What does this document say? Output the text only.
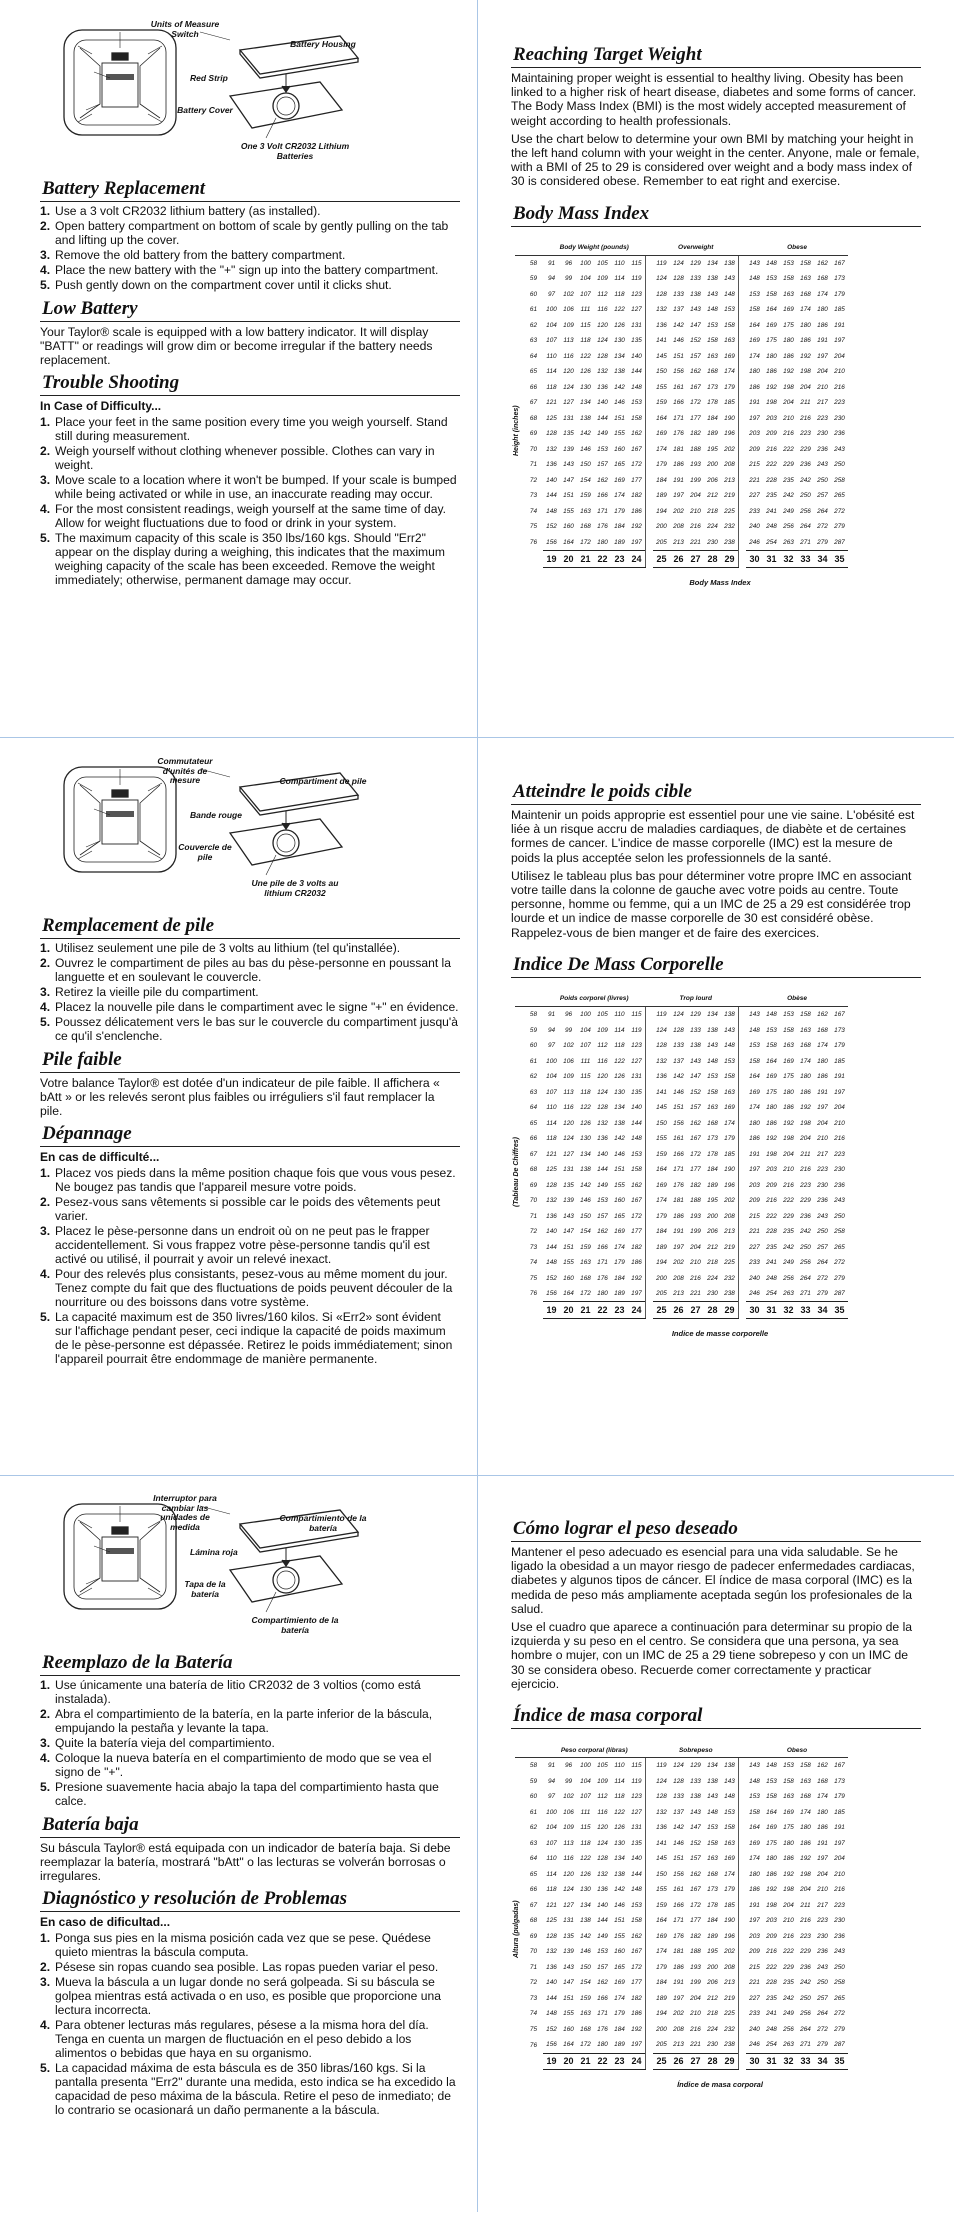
Units of Measure Switch
Battery Housing
Red Strip
Battery Cover
One 3 Volt CR2032 Lithium Batteries
Battery Replacement
1. Use a 3 volt CR2032 lithium battery (as installed).
2. Open battery compartment on bottom of scale by gently pulling on the tab and lifting up the cover.
3. Remove the old battery from the battery compartment.
4. Place the new battery with the "+" sign up into the battery compartment.
5. Push gently down on the compartment cover until it clicks shut.
Low Battery

Your Taylor® scale is equipped with a low battery indicator. It will display "BATT" or readings will grow dim or become irregular if the battery needs replacement.

Trouble Shooting
In Case of Difficulty...
1. Place your feet in the same position every time you weigh yourself. Stand still during measurement.
2. Weigh yourself without clothing whenever possible. Clothes can vary in weight.
3. Move scale to a location where it won't be bumped. If your scale is bumped while being activated or while in use, an inaccurate reading may occur.
4. For the most consistent readings, weigh yourself at the same time of day. Allow for weight fluctuations due to food or drink in your system.
5. The maximum capacity of this scale is 350 lbs/160 kgs. Should "Err2" appear on the display during a weighing, this indicates that the maximum weighing capacity of the scale has been exceeded. Remove the weight immediately; otherwise, permanent damage may occur.
Reaching Target Weight

Maintaining proper weight is essential to healthy living. Obesity has been linked to a higher risk of heart disease, diabetes and some forms of cancer. The Body Mass Index (BMI) is the most widely accepted measurement of weight according to health professionals.

Use the chart below to determine your own BMI by matching your height in the left hand column with your weight in the center. Anyone, male or female, with a BMI of 25 to 29 is considered over weight and a body mass index of 30 is considered obese. Remember to eat right and exercise.

Body Mass Index
Height (inches)
	Body Weight (pounds)							Overweight						Obese					
58	91	96	100	105	110	115		119	124	129	134	138		143	148	153	158	162	167
59	94	99	104	109	114	119		124	128	133	138	143		148	153	158	163	168	173
60	97	102	107	112	118	123		128	133	138	143	148		153	158	163	168	174	179
61	100	106	111	116	122	127		132	137	143	148	153		158	164	169	174	180	185
62	104	109	115	120	126	131		136	142	147	153	158		164	169	175	180	186	191
63	107	113	118	124	130	135		141	146	152	158	163		169	175	180	186	191	197
64	110	116	122	128	134	140		145	151	157	163	169		174	180	186	192	197	204
65	114	120	126	132	138	144		150	156	162	168	174		180	186	192	198	204	210
66	118	124	130	136	142	148		155	161	167	173	179		186	192	198	204	210	216
67	121	127	134	140	146	153		159	166	172	178	185		191	198	204	211	217	223
68	125	131	138	144	151	158		164	171	177	184	190		197	203	210	216	223	230
69	128	135	142	149	155	162		169	176	182	189	196		203	209	216	223	230	236
70	132	139	146	153	160	167		174	181	188	195	202		209	216	222	229	236	243
71	136	143	150	157	165	172		179	186	193	200	208		215	222	229	236	243	250
72	140	147	154	162	169	177		184	191	199	206	213		221	228	235	242	250	258
73	144	151	159	166	174	182		189	197	204	212	219		227	235	242	250	257	265
74	148	155	163	171	179	186		194	202	210	218	225		233	241	249	256	264	272
75	152	160	168	176	184	192		200	208	216	224	232		240	248	256	264	272	279
76	156	164	172	180	189	197		205	213	221	230	238		246	254	263	271	279	287
	19	20	21	22	23	24		25	26	27	28	29		30	31	32	33	34	35
Body Mass Index
Commutateur d'unités de mesure	Compartiment de pile
Bande rouge
Couvercle de pile
Une pile de 3 volts au lithium CR2032
Remplacement de pile
1. Utilisez seulement une pile de 3 volts au lithium (tel qu'installée).
2. Ouvrez le compartiment de piles au bas du pèse-personne en poussant la languette et en soulevant le couvercle.
3. Retirez la vieille pile du compartiment.
4. Placez la nouvelle pile dans le compartiment avec le signe "+" en évidence.
5. Poussez délicatement vers le bas sur le couvercle du compartiment jusqu'à ce qu'il s'enclenche.
Pile faible

Votre balance Taylor® est dotée d'un indicateur de pile faible. Il affichera « bAtt » or les relevés seront plus faibles ou irréguliers s'il faut remplacer la pile.

Dépannage
En cas de difficulté...
1. Placez vos pieds dans la même position chaque fois que vous vous pesez. Ne bougez pas tandis que l'appareil mesure votre poids.
2. Pesez-vous sans vêtements si possible car le poids des vêtements peut varier.
3. Placez le pèse-personne dans un endroit où on ne peut pas le frapper accidentellement. Si vous frappez votre pèse-personne tandis qu'il est activé ou utilisé, il pourrait y avoir un relevé inexact.
4. Pour des relevés plus consistants, pesez-vous au même moment du jour. Tenez compte du fait que des fluctuations de poids peuvent découler de la nourriture ou des boissons dans votre système.
5. La capacité maximum est de 350 livres/160 kilos. Si «Err2» sont évident sur l'affichage pendant peser, ceci indique la capacité de poids maximum de le pèse-personne est dépassée. Retirez le poids immédiatement; sinon l'appareil pourrait être endommage de manière permanente.
Atteindre le poids cible

Maintenir un poids approprie est essentiel pour une vie saine. L'obésité est liée à un risque accru de maladies cardiaques, de diabète et de certaines formes de cancer. L'indice de masse corporelle (IMC) est la mesure de poids la plus acceptée selon les professionnels de la santé.

Utilisez le tableau plus bas pour déterminer votre propre IMC en associant votre taille dans la colonne de gauche avec votre poids au centre. Toute personne, homme ou femme, qui a un IMC de 25 a 29 est considérée trop lourde et un indice de masse corporelle de 30 est considéré obèse. Rappelez-vous de bien manger et de faire des exercices.

Indice De Mass Corporelle
(Tableau De Chiffres)
	Poids corporel (livres)							Trop lourd						Obèse					
58	91	96	100	105	110	115		119	124	129	134	138		143	148	153	158	162	167
59	94	99	104	109	114	119		124	128	133	138	143		148	153	158	163	168	173
60	97	102	107	112	118	123		128	133	138	143	148		153	158	163	168	174	179
61	100	106	111	116	122	127		132	137	143	148	153		158	164	169	174	180	185
62	104	109	115	120	126	131		136	142	147	153	158		164	169	175	180	186	191
63	107	113	118	124	130	135		141	146	152	158	163		169	175	180	186	191	197
64	110	116	122	128	134	140		145	151	157	163	169		174	180	186	192	197	204
65	114	120	126	132	138	144		150	156	162	168	174		180	186	192	198	204	210
66	118	124	130	136	142	148		155	161	167	173	179		186	192	198	204	210	216
67	121	127	134	140	146	153		159	166	172	178	185		191	198	204	211	217	223
68	125	131	138	144	151	158		164	171	177	184	190		197	203	210	216	223	230
69	128	135	142	149	155	162		169	176	182	189	196		203	209	216	223	230	236
70	132	139	146	153	160	167		174	181	188	195	202		209	216	222	229	236	243
71	136	143	150	157	165	172		179	186	193	200	208		215	222	229	236	243	250
72	140	147	154	162	169	177		184	191	199	206	213		221	228	235	242	250	258
73	144	151	159	166	174	182		189	197	204	212	219		227	235	242	250	257	265
74	148	155	163	171	179	186		194	202	210	218	225		233	241	249	256	264	272
75	152	160	168	176	184	192		200	208	216	224	232		240	248	256	264	272	279
76	156	164	172	180	189	197		205	213	221	230	238		246	254	263	271	279	287
	19	20	21	22	23	24		25	26	27	28	29		30	31	32	33	34	35
Indice de masse corporelle
Interruptor para cambiar las unidades de medida
Compartimiento de la batería
Lámina roja
Tapa de la batería
Compartimiento de la batería
Reemplazo de la Batería
1. Use únicamente una batería de litio CR2032 de 3 voltios (como está instalada).
2. Abra el compartimiento de la batería, en la parte inferior de la báscula, empujando la pestaña y levante la tapa.
3. Quite la batería vieja del compartimiento.
4. Coloque la nueva batería en el compartimiento de modo que se vea el signo de "+".
5. Presione suavemente hacia abajo la tapa del compartimiento hasta que calce.
Batería baja

Su báscula Taylor® está equipada con un indicador de batería baja. Si debe reemplazar la batería, mostrará "bAtt" o las lecturas se volverán borrosas o irregulares.

Diagnóstico y resolución de Problemas
En caso de dificultad...
1. Ponga sus pies en la misma posición cada vez que se pese. Quédese quieto mientras la báscula computa.
2. Pésese sin ropas cuando sea posible. Las ropas pueden variar el peso.
3. Mueva la báscula a un lugar donde no será golpeada. Si su báscula se golpea mientras está activada o en uso, es posible que proporcione una lectura incorrecta.
4. Para obtener lecturas más regulares, pésese a la misma hora del día. Tenga en cuenta un margen de fluctuación en el peso debido a los alimentos o bebidas que haya en su organismo.
5. La capacidad máxima de esta báscula es de 350 libras/160 kgs. Si la pantalla presenta "Err2" durante una medida, esto indica se ha excedido la capacidad de peso máxima de la báscula. Retire el peso de inmediato; de lo contrario se ocasionará un daño permanente a la báscula.
Cómo lograr el peso deseado

Mantener el peso adecuado es esencial para una vida saludable. Se he ligado la obesidad a un mayor riesgo de padecer enfermedades cardiacas, diabetes y algunos tipos de cáncer. El índice de masa corporal (IMC) es la medida de peso más ampliamente aceptada según los profesionales de la salud.

Use el cuadro que aparece a continuación para determinar su propio de la izquierda y su peso en el centro. Se considera que una persona, ya sea hombre o mujer, con un IMC de 25 a 29 tiene sobrepeso y con un IMC de 30 se considera obeso. Recuerde comer correctamente y practicar ejercicio.

Índice de masa corporal
Altura (pulgadas)
	Peso corporal (libras)							Sobrepeso						Obeso					
58	91	96	100	105	110	115		119	124	129	134	138		143	148	153	158	162	167
59	94	99	104	109	114	119		124	128	133	138	143		148	153	158	163	168	173
60	97	102	107	112	118	123		128	133	138	143	148		153	158	163	168	174	179
61	100	106	111	116	122	127		132	137	143	148	153		158	164	169	174	180	185
62	104	109	115	120	126	131		136	142	147	153	158		164	169	175	180	186	191
63	107	113	118	124	130	135		141	146	152	158	163		169	175	180	186	191	197
64	110	116	122	128	134	140		145	151	157	163	169		174	180	186	192	197	204
65	114	120	126	132	138	144		150	156	162	168	174		180	186	192	198	204	210
66	118	124	130	136	142	148		155	161	167	173	179		186	192	198	204	210	216
67	121	127	134	140	146	153		159	166	172	178	185		191	198	204	211	217	223
68	125	131	138	144	151	158		164	171	177	184	190		197	203	210	216	223	230
69	128	135	142	149	155	162		169	176	182	189	196		203	209	216	223	230	236
70	132	139	146	153	160	167		174	181	188	195	202		209	216	222	229	236	243
71	136	143	150	157	165	172		179	186	193	200	208		215	222	229	236	243	250
72	140	147	154	162	169	177		184	191	199	206	213		221	228	235	242	250	258
73	144	151	159	166	174	182		189	197	204	212	219		227	235	242	250	257	265
74	148	155	163	171	179	186		194	202	210	218	225		233	241	249	256	264	272
75	152	160	168	176	184	192		200	208	216	224	232		240	248	256	264	272	279
76	156	164	172	180	189	197		205	213	221	230	238		246	254	263	271	279	287
	19	20	21	22	23	24		25	26	27	28	29		30	31	32	33	34	35
Índice de masa corporal
